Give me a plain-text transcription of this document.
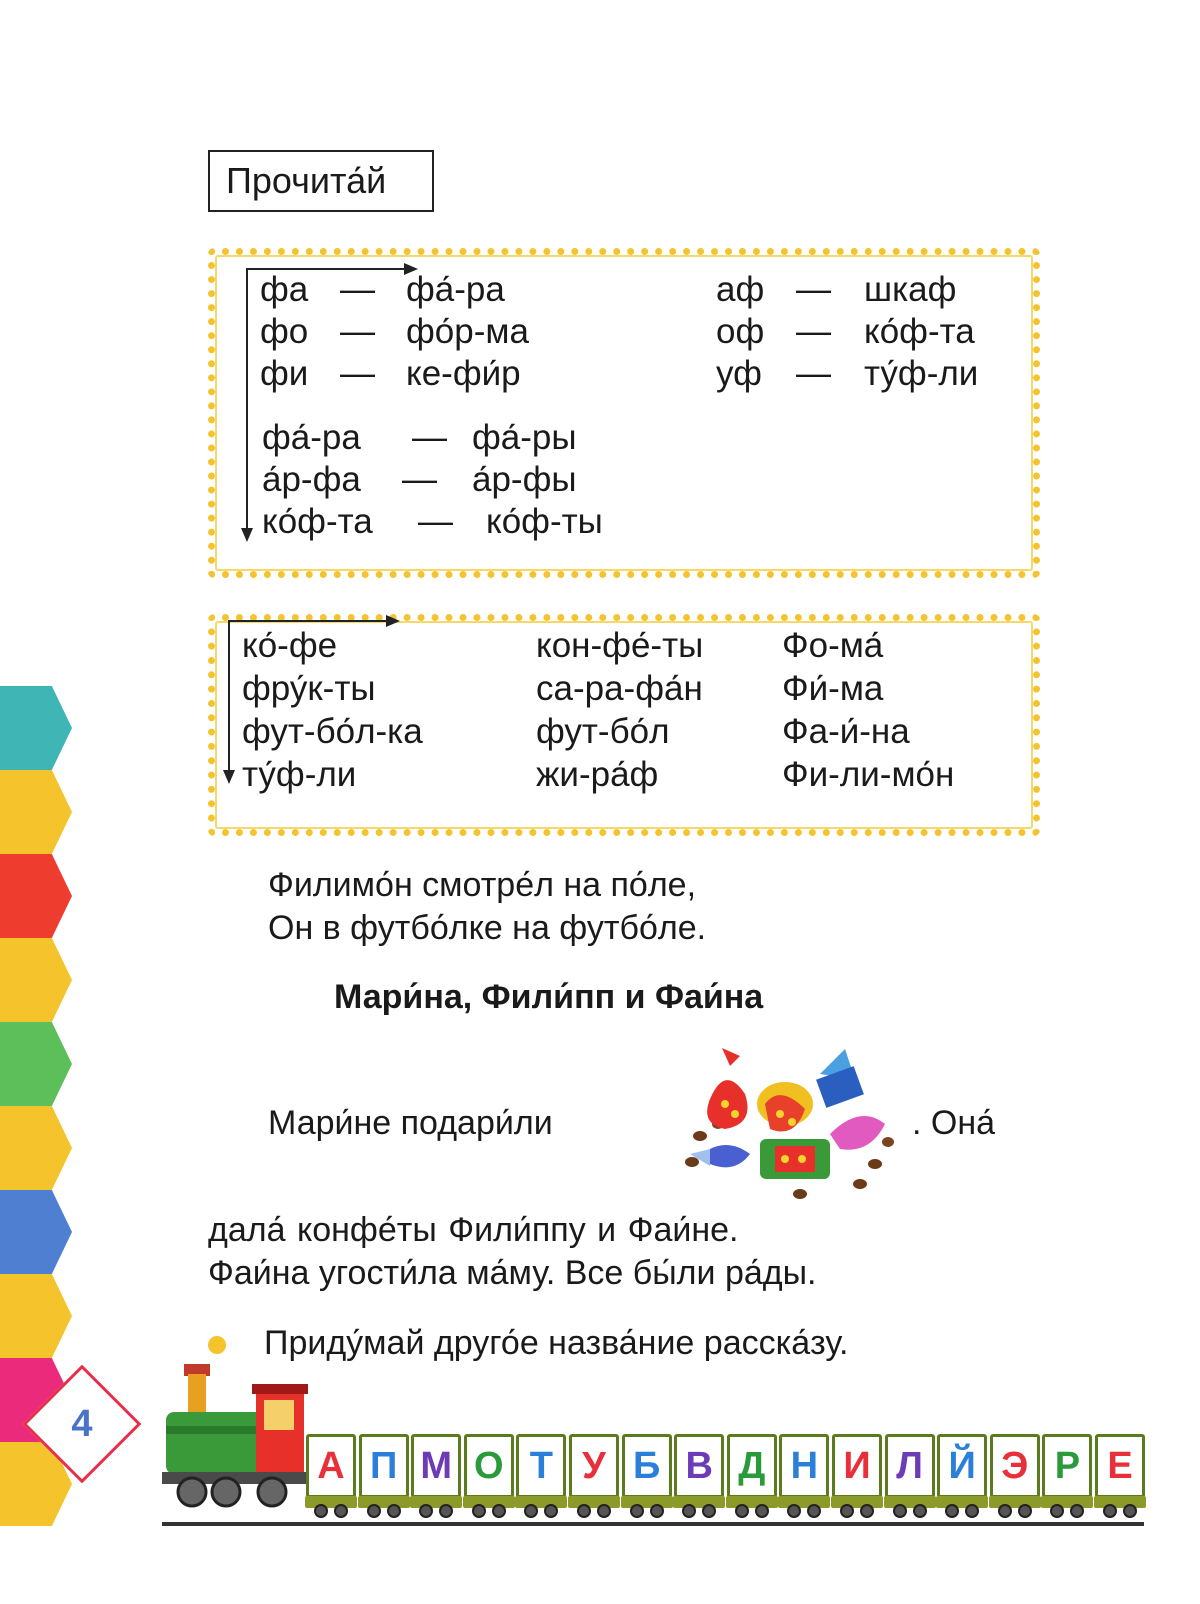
Прочита́й
фа — фа́-ра
фо — фо́р-ма
фи — ке-фи́р
аф — шкаф
оф — ко́ф-та
уф — ту́ф-ли
фа́-ра — фа́-ры
а́р-фа — а́р-фы
ко́ф-та — ко́ф-ты
ко́-фе
фру́к-ты
фут-бо́л-ка
ту́ф-ли
кон-фе́-ты
са-ра-фа́н
фут-бо́л
жи-ра́ф
Фо-ма́
Фи́-ма
Фа-и́-на
Фи-ли-мо́н
Филимо́н смотре́л на по́ле,
Он в футбо́лке на футбо́ле.
Мари́на, Фили́пп и Фаи́на
Мари́не подари́ли	. Она́
дала́ конфе́ты Фили́ппу и Фаи́не.
Фаи́на угости́ла ма́му. Все бы́ли ра́ды.
Приду́май друго́е назва́ние расска́зу.
4
А П М О Т У Б В Д Н И Л Й Э Р Е
